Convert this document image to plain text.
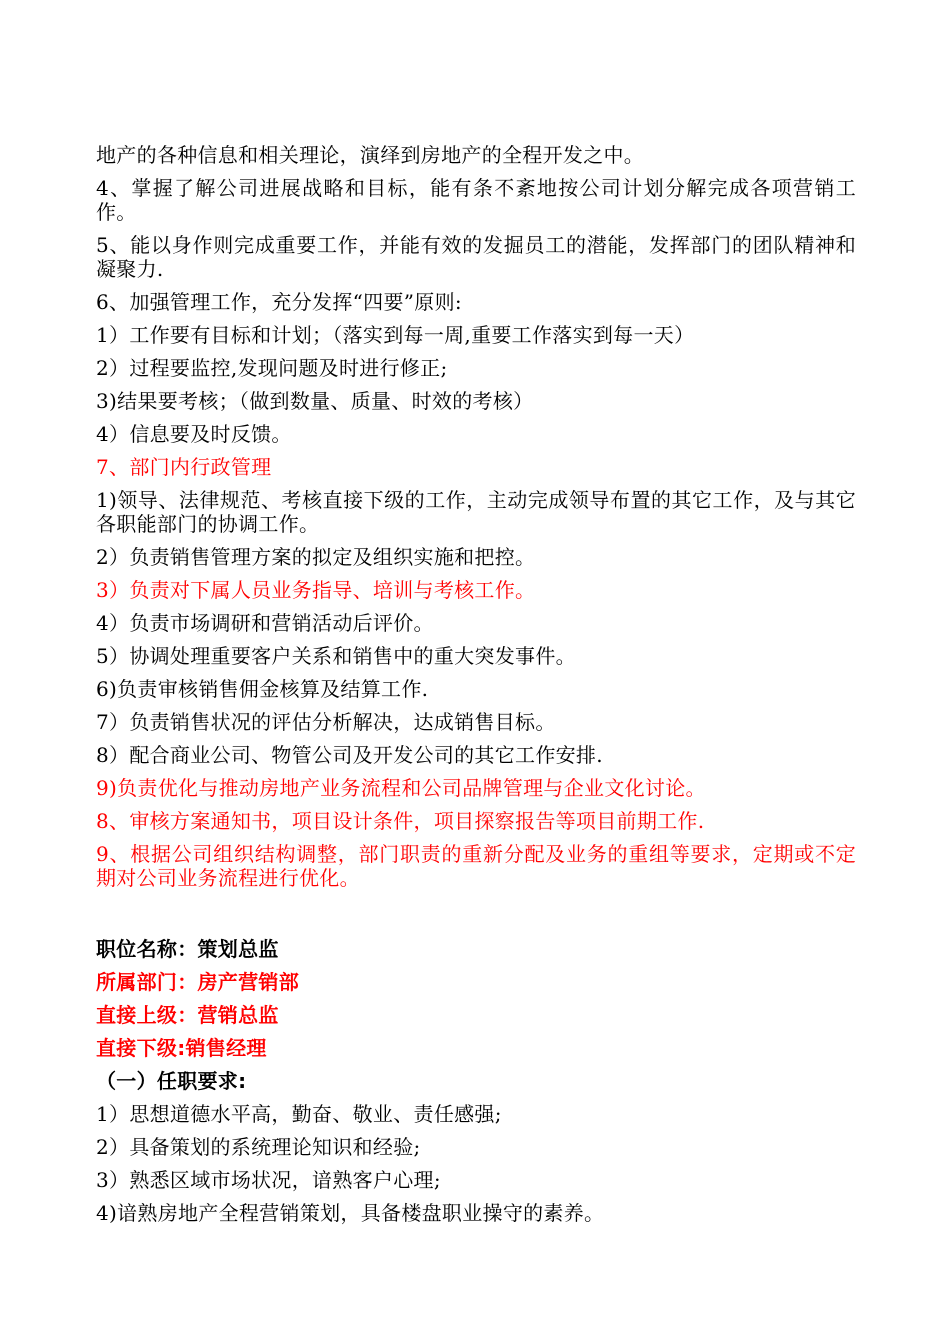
地产的各种信息和相关理论，演绎到房地产的全程开发之中。

4、掌握了解公司进展战略和目标，能有条不紊地按公司计划分解完成各项营销工作。

5、能以身作则完成重要工作，并能有效的发掘员工的潜能，发挥部门的团队精神和凝聚力.

6、加强管理工作，充分发挥“四要”原则:

1）工作要有目标和计划；（落实到每一周,重要工作落实到每一天）

2）过程要监控,发现问题及时进行修正;

3)结果要考核；（做到数量、质量、时效的考核）

4）信息要及时反馈。

7、部门内行政管理

1)领导、法律规范、考核直接下级的工作，主动完成领导布置的其它工作，及与其它各职能部门的协调工作。

2）负责销售管理方案的拟定及组织实施和把控。

3）负责对下属人员业务指导、培训与考核工作。

4）负责市场调研和营销活动后评价。

5）协调处理重要客户关系和销售中的重大突发事件。

6)负责审核销售佣金核算及结算工作.

7）负责销售状况的评估分析解决，达成销售目标。

8）配合商业公司、物管公司及开发公司的其它工作安排.

9)负责优化与推动房地产业务流程和公司品牌管理与企业文化讨论。

8、审核方案通知书，项目设计条件，项目探察报告等项目前期工作.

9、根据公司组织结构调整，部门职责的重新分配及业务的重组等要求，定期或不定期对公司业务流程进行优化。

职位名称：策划总监

所属部门：房产营销部

直接上级：营销总监

直接下级:销售经理

（一）任职要求:

1）思想道德水平高，勤奋、敬业、责任感强;

2）具备策划的系统理论知识和经验;

3）熟悉区域市场状况，谙熟客户心理;

4)谙熟房地产全程营销策划，具备楼盘职业操守的素养。
